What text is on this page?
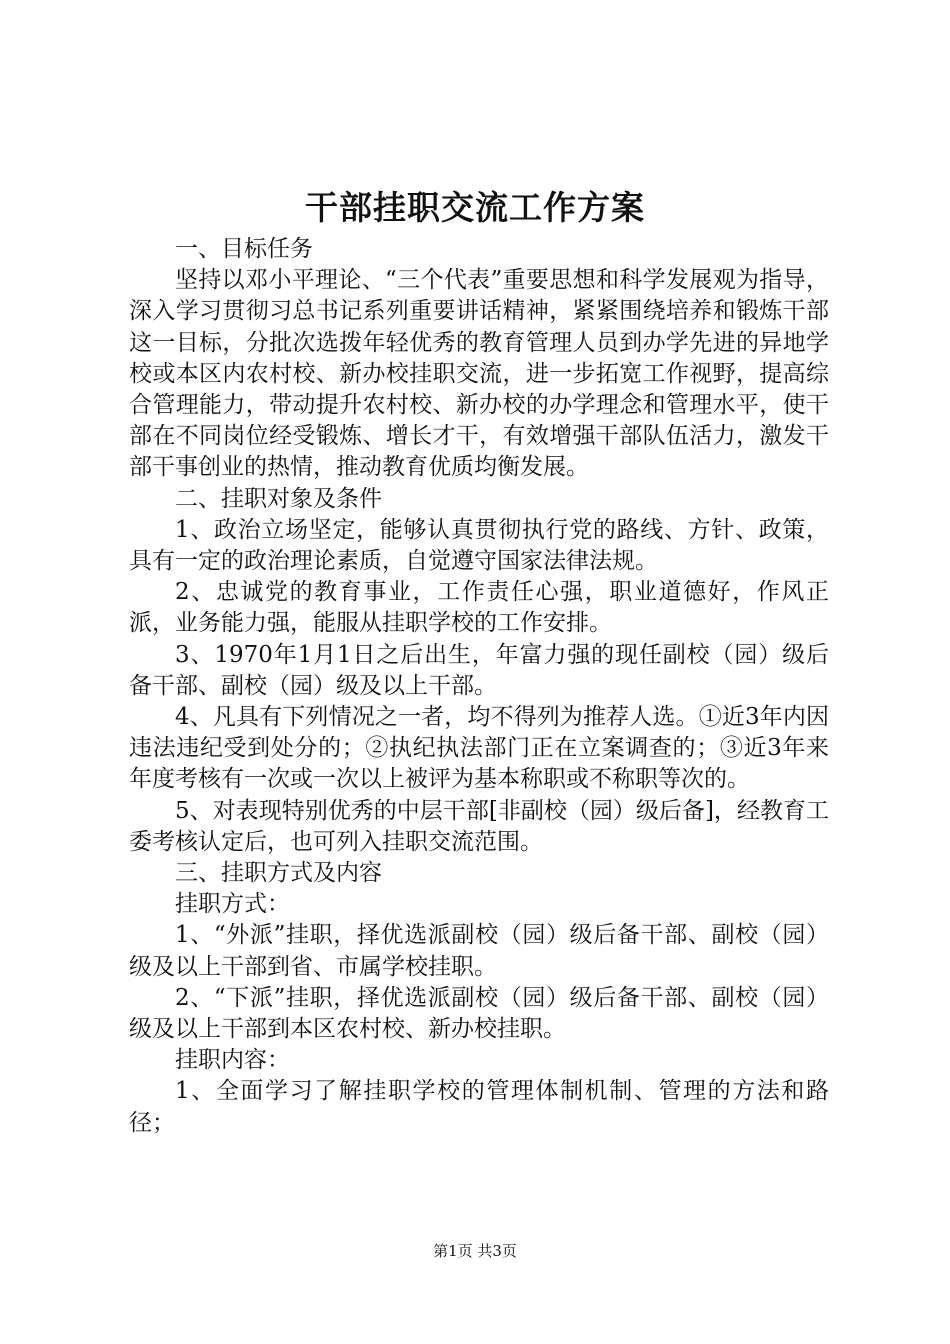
干部挂职交流工作方案

一、目标任务

坚持以邓小平理论、“三个代表”重要思想和科学发展观为指导，深入学习贯彻习总书记系列重要讲话精神，紧紧围绕培养和锻炼干部这一目标，分批次选拨年轻优秀的教育管理人员到办学先进的异地学校或本区内农村校、新办校挂职交流，进一步拓宽工作视野，提高综合管理能力，带动提升农村校、新办校的办学理念和管理水平，使干部在不同岗位经受锻炼、增长才干，有效增强干部队伍活力，激发干部干事创业的热情，推动教育优质均衡发展。

二、挂职对象及条件

1、政治立场坚定，能够认真贯彻执行党的路线、方针、政策，具有一定的政治理论素质，自觉遵守国家法律法规。

2、忠诚党的教育事业，工作责任心强，职业道德好，作风正派，业务能力强，能服从挂职学校的工作安排。

3、1970年1月1日之后出生，年富力强的现任副校（园）级后备干部、副校（园）级及以上干部。

4、凡具有下列情况之一者，均不得列为推荐人选。①近3年内因违法违纪受到处分的；②执纪执法部门正在立案调查的；③近3年来年度考核有一次或一次以上被评为基本称职或不称职等次的。

5、对表现特别优秀的中层干部[非副校（园）级后备]，经教育工委考核认定后，也可列入挂职交流范围。

三、挂职方式及内容

挂职方式：

1、“外派”挂职，择优选派副校（园）级后备干部、副校（园）级及以上干部到省、市属学校挂职。

2、“下派”挂职，择优选派副校（园）级后备干部、副校（园）级及以上干部到本区农村校、新办校挂职。

挂职内容：

1、全面学习了解挂职学校的管理体制机制、管理的方法和路径；

第1页 共3页
